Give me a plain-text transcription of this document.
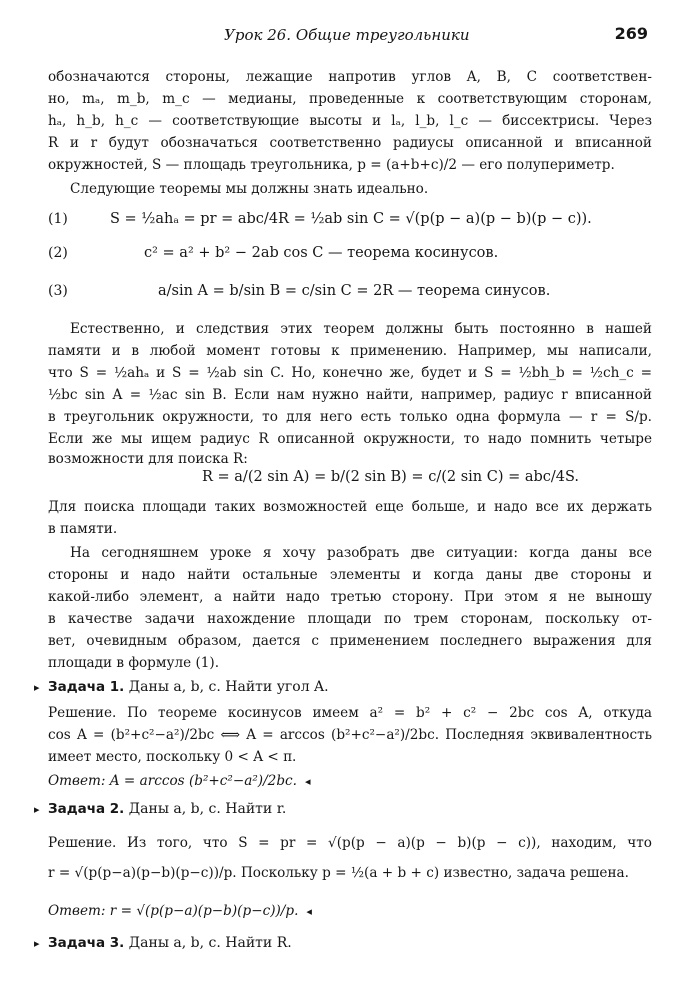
Урок 26. Общие треугольники	269
обозначаются стороны, лежащие напротив углов A, B, C соответствен-
но, mₐ, m_b, m_c — медианы, проведенные к соответствующим сторонам,
hₐ, h_b, h_c — соответствующие высоты и lₐ, l_b, l_c — биссектрисы. Через
R и r будут обозначаться соответственно радиусы описанной и вписанной
окружностей, S — площадь треугольника, p = (a+b+c)/2 — его полупериметр.
Следующие теоремы мы должны знать идеально.
(1)	S = ½ahₐ = pr = abc/4R = ½ab sin C = √(p(p − a)(p − b)(p − c)).
(2)	c² = a² + b² − 2ab cos C — теорема косинусов.
(3)	a/sin A = b/sin B = c/sin C = 2R — теорема синусов.
Естественно, и следствия этих теорем должны быть постоянно в нашей
памяти и в любой момент готовы к применению. Например, мы написали,
что S = ½ahₐ и S = ½ab sin C. Но, конечно же, будет и S = ½bh_b = ½ch_c =
½bc sin A = ½ac sin B. Если нам нужно найти, например, радиус r вписанной
в треугольник окружности, то для него есть только одна формула — r = S/p.
Если же мы ищем радиус R описанной окружности, то надо помнить четыре
возможности для поиска R:
R = a/(2 sin A) = b/(2 sin B) = c/(2 sin C) = abc/4S.
Для поиска площади таких возможностей еще больше, и надо все их держать
в памяти.
На сегодняшнем уроке я хочу разобрать две ситуации: когда даны все
стороны и надо найти остальные элементы и когда даны две стороны и
какой-либо элемент, а найти надо третью сторону. При этом я не выношу
в качестве задачи нахождение площади по трем сторонам, поскольку от-
вет, очевидным образом, дается с применением последнего выражения для
площади в формуле (1).
▸ Задача 1. Даны a, b, c. Найти угол A.
Решение. По теореме косинусов имеем a² = b² + c² − 2bc cos A, откуда
cos A = (b²+c²−a²)/2bc ⟺ A = arccos (b²+c²−a²)/2bc. Последняя эквивалентность
имеет место, поскольку 0 < A < π.
Ответ: A = arccos (b²+c²−a²)/2bc. ◂
▸ Задача 2. Даны a, b, c. Найти r.
Решение. Из того, что S = pr = √(p(p − a)(p − b)(p − c)), находим, что
r = √(p(p−a)(p−b)(p−c))/p. Поскольку p = ½(a + b + c) известно, задача решена.
Ответ: r = √(p(p−a)(p−b)(p−c))/p. ◂
▸ Задача 3. Даны a, b, c. Найти R.
